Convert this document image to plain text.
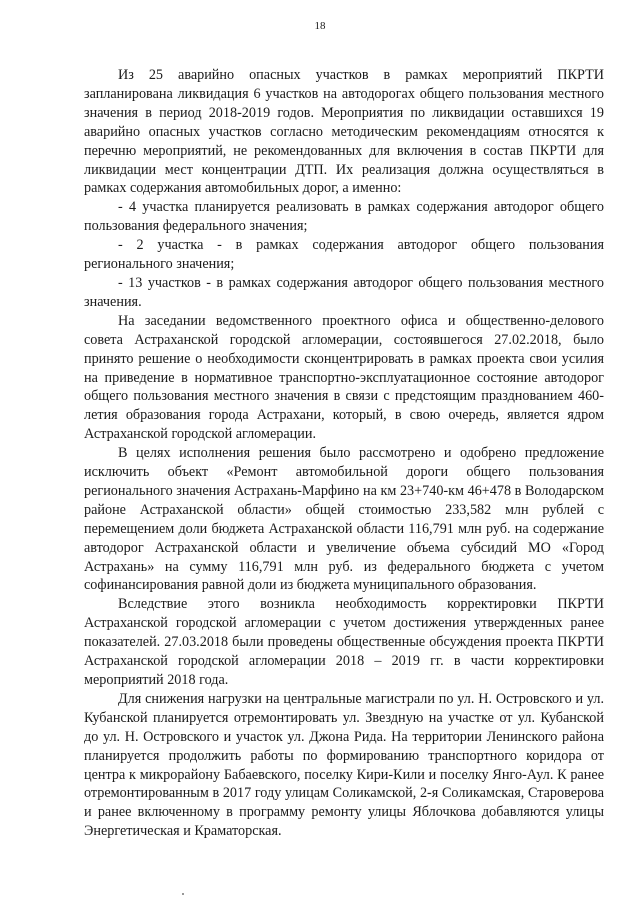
18

Из 25 аварийно опасных участков в рамках мероприятий ПКРТИ запланирована ликвидация 6 участков на автодорогах общего пользования местного значения в период 2018-2019 годов. Мероприятия по ликвидации оставшихся 19 аварийно опасных участков согласно методическим рекомендациям относятся к перечню мероприятий, не рекомендованных для включения в состав ПКРТИ для ликвидации мест концентрации ДТП. Их реализация должна осуществляться в рамках содержания автомобильных дорог, а именно:

- 4 участка планируется реализовать в рамках содержания автодорог общего пользования федерального значения;

- 2 участка - в рамках содержания автодорог общего пользования регионального значения;

- 13 участков - в рамках содержания автодорог общего пользования местного значения.

На заседании ведомственного проектного офиса и общественно-делового совета Астраханской городской агломерации, состоявшегося 27.02.2018, было принято решение о необходимости сконцентрировать в рамках проекта свои усилия на приведение в нормативное транспортно-эксплуатационное состояние автодорог общего пользования местного значения в связи с предстоящим празднованием 460-летия образования города Астрахани, который, в свою очередь, является ядром Астраханской городской агломерации.

В целях исполнения решения было рассмотрено и одобрено предложение исключить объект «Ремонт автомобильной дороги общего пользования регионального значения Астрахань-Марфино на км 23+740-км 46+478 в Володарском районе Астраханской области» общей стоимостью 233,582 млн рублей с перемещением доли бюджета Астраханской области 116,791 млн руб. на содержание автодорог Астраханской области и увеличение объема субсидий МО «Город Астрахань» на сумму 116,791 млн руб. из федерального бюджета с учетом софинансирования равной доли из бюджета муниципального образования.

Вследствие этого возникла необходимость корректировки ПКРТИ Астраханской городской агломерации с учетом достижения утвержденных ранее показателей. 27.03.2018 были проведены общественные обсуждения проекта ПКРТИ Астраханской городской агломерации 2018 – 2019 гг. в части корректировки мероприятий 2018 года.

Для снижения нагрузки на центральные магистрали по ул. Н. Островского и ул. Кубанской планируется отремонтировать ул. Звездную на участке от ул. Кубанской до ул. Н. Островского и участок ул. Джона Рида. На территории Ленинского района планируется продолжить работы по формированию транспортного коридора от центра к микрорайону Бабаевского, поселку Кири-Кили и поселку Янго-Аул. К ранее отремонтированным в 2017 году улицам Соликамской, 2-я Соликамская, Староверова и ранее включенному в программу ремонту улицы Яблочкова добавляются улицы Энергетическая и Краматорская.
